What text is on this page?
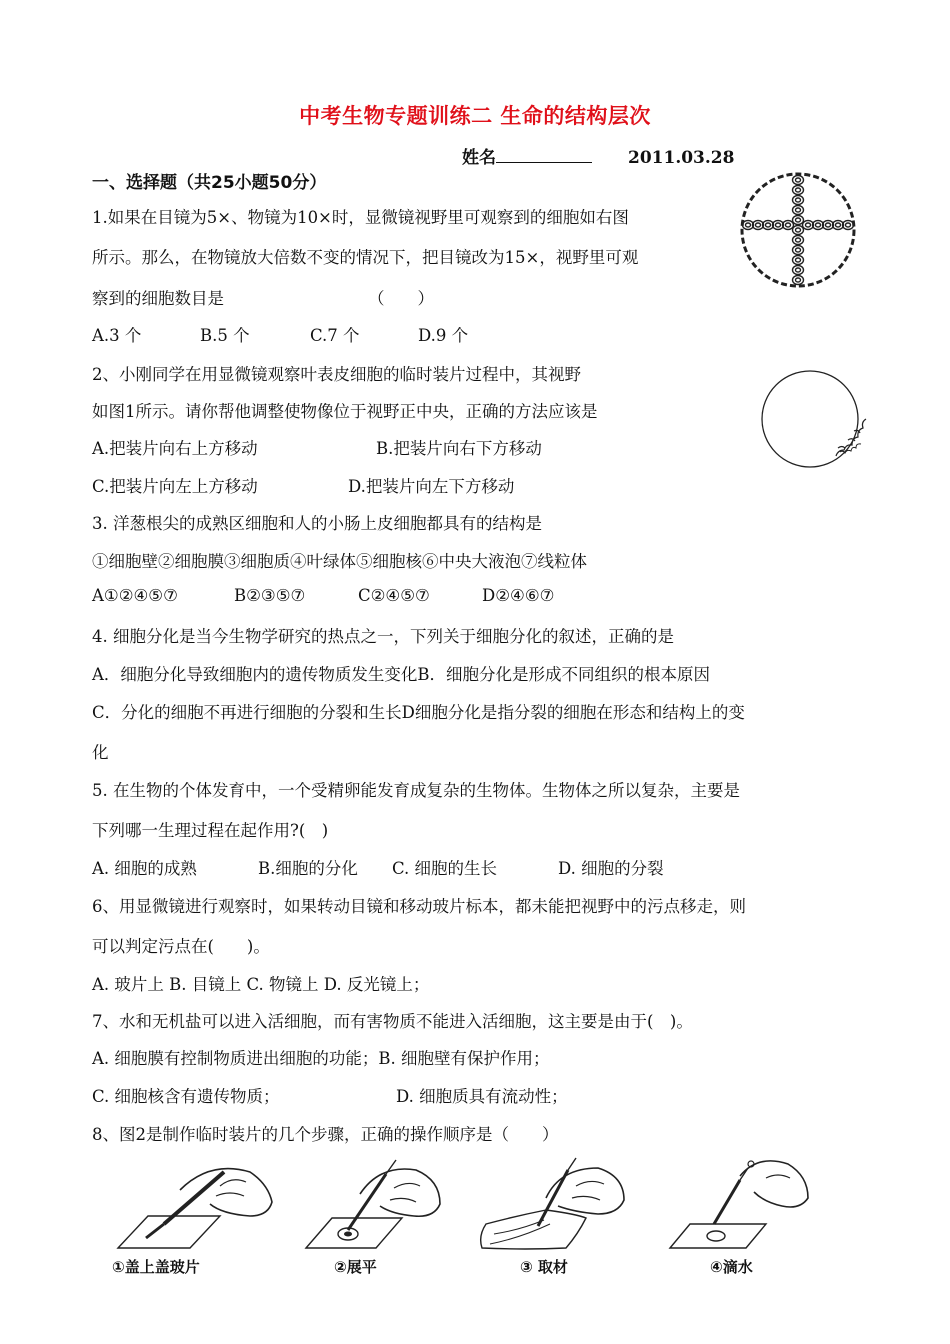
中考生物专题训练二 生命的结构层次
姓名	2011.03.28
一、选择题（共25小题50分）
1.如果在目镜为5×、物镜为10×时，显微镜视野里可观察到的细胞如右图
所示。那么，在物镜放大倍数不变的情况下，把目镜改为15×，视野里可观
察到的细胞数目是	（　　）
A.3 个	B.5 个	C.7 个	D.9 个
2、小刚同学在用显微镜观察叶表皮细胞的临时装片过程中，其视野
如图1所示。请你帮他调整使物像位于视野正中央，正确的方法应该是
A.把装片向右上方移动	B.把装片向右下方移动
C.把装片向左上方移动	D.把装片向左下方移动
3. 洋葱根尖的成熟区细胞和人的小肠上皮细胞都具有的结构是
①细胞壁②细胞膜③细胞质④叶绿体⑤细胞核⑥中央大液泡⑦线粒体
A①②④⑤⑦	B②③⑤⑦	C②④⑤⑦	D②④⑥⑦
4. 细胞分化是当今生物学研究的热点之一，下列关于细胞分化的叙述，正确的是
A．细胞分化导致细胞内的遗传物质发生变化B．细胞分化是形成不同组织的根本原因
C．分化的细胞不再进行细胞的分裂和生长D细胞分化是指分裂的细胞在形态和结构上的变
化
5. 在生物的个体发育中，一个受精卵能发育成复杂的生物体。生物体之所以复杂，主要是
下列哪一生理过程在起作用?(　)
A. 细胞的成熟	B.细胞的分化 C. 细胞的生长	D. 细胞的分裂
6、用显微镜进行观察时，如果转动目镜和移动玻片标本，都未能把视野中的污点移走，则
可以判定污点在(　　)。
A. 玻片上 B. 目镜上 C. 物镜上 D. 反光镜上；
7、水和无机盐可以进入活细胞，而有害物质不能进入活细胞，这主要是由于(　)。
A. 细胞膜有控制物质进出细胞的功能；B. 细胞壁有保护作用；
C. 细胞核含有遗传物质；	D. 细胞质具有流动性；
8、图2是制作临时装片的几个步骤，正确的操作顺序是（　　）
①盖上盖玻片	②展平	③ 取材	④滴水
